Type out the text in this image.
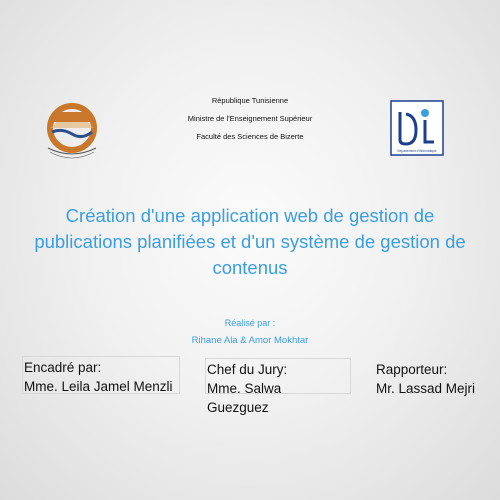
République Tunisienne
Ministre de l'Enseignement Supérieur
Faculté des Sciences de Bizerte
Département d'informatique
Création d'une application web de gestion de publications planifiées et d'un système de gestion de contenus
Réalisé par :
Rihane Ala & Amor Mokhtar
Encadré par:
Mme. Leila Jamel Menzli
Chef du Jury:
Mme. Salwa Guezguez
Rapporteur:
Mr. Lassad Mejri
